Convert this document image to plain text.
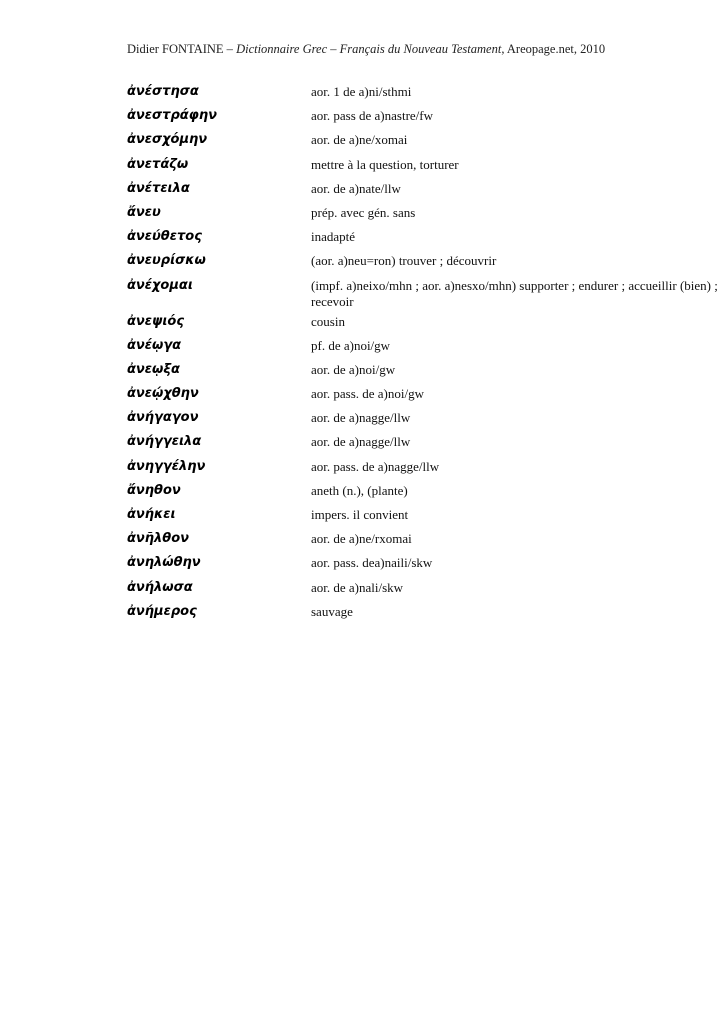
Didier FONTAINE – Dictionnaire Grec – Français du Nouveau Testament, Areopage.net, 2010
ἀνέστησα	aor. 1 de a)ni/sthmi
ἀνεστράφην	aor. pass de a)nastre/fw
ἀνεσχόμην	aor. de a)ne/xomai
ἀνετάζω	mettre à la question, torturer
ἀνέτειλα	aor. de a)nate/llw
ἄνευ	prép. avec gén. sans
ἀνεύθετος	inadapté
ἀνευρίσκω	(aor. a)neu=ron) trouver ; découvrir
ἀνέχομαι	(impf. a)neixo/mhn ; aor. a)nesxo/mhn) supporter ; endurer ; accueillir (bien) ; recevoir
ἀνεψιός	cousin
ἀνέῳγα	pf. de a)noi/gw
ἀνεῳξα	aor. de a)noi/gw
ἀνεῴχθην	aor. pass. de a)noi/gw
ἀνήγαγον	aor. de a)nagge/llw
ἀνήγγειλα	aor. de a)nagge/llw
ἀνηγγέλην	aor. pass. de a)nagge/llw
ἄνηθον	aneth (n.), (plante)
ἀνήκει	impers. il convient
ἀνῆλθον	aor. de a)ne/rxomai
ἀνηλώθην	aor. pass. dea)naili/skw
ἀνήλωσα	aor. de a)nali/skw
ἀνήμερος	sauvage
